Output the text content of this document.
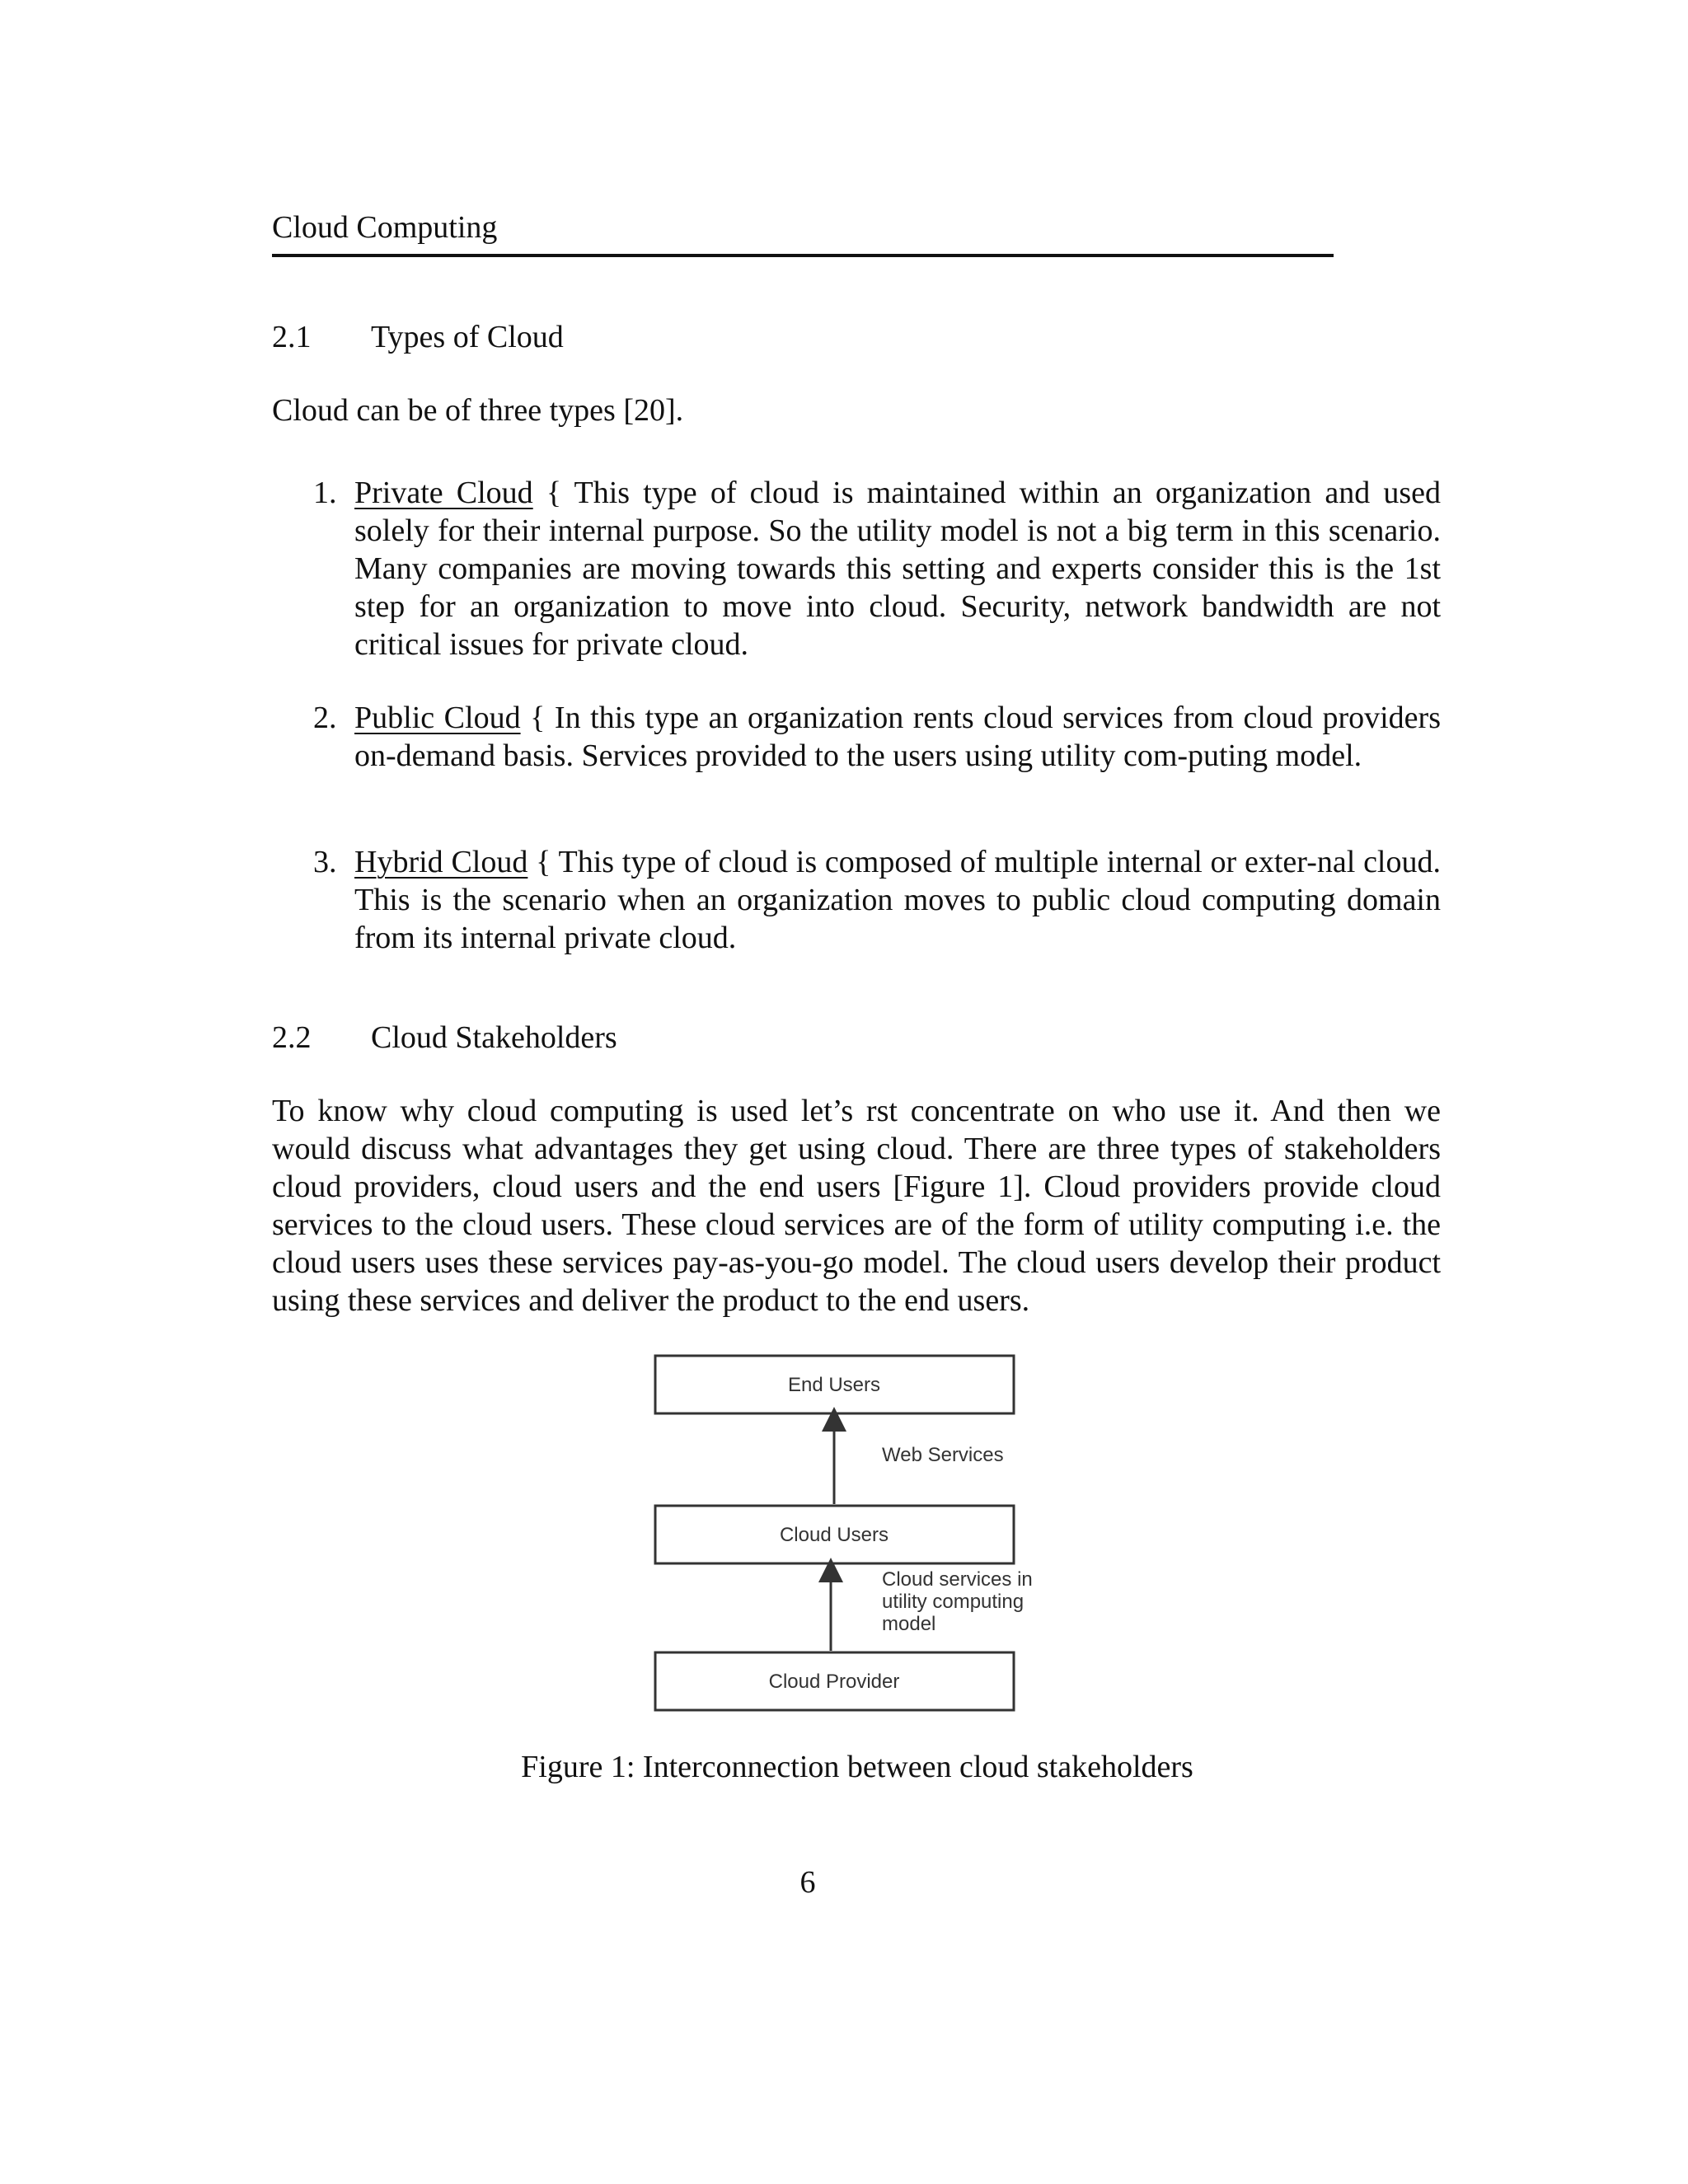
Cloud Computing
2.1 Types of Cloud
Cloud can be of three types [20].
1. Private Cloud { This type of cloud is maintained within an organization and used solely for their internal purpose. So the utility model is not a big term in this scenario. Many companies are moving towards this setting and experts consider this is the 1st step for an organization to move into cloud. Security, network bandwidth are not critical issues for private cloud.
2. Public Cloud { In this type an organization rents cloud services from cloud providers on-demand basis. Services provided to the users using utility com-puting model.
3. Hybrid Cloud { This type of cloud is composed of multiple internal or exter-nal cloud. This is the scenario when an organization moves to public cloud computing domain from its internal private cloud.
2.2 Cloud Stakeholders
To know why cloud computing is used let’s rst concentrate on who use it. And then we would discuss what advantages they get using cloud. There are three types of stakeholders cloud providers, cloud users and the end users [Figure 1]. Cloud providers provide cloud services to the cloud users. These cloud services are of the form of utility computing i.e. the cloud users uses these services pay-as-you-go model. The cloud users develop their product using these services and deliver the product to the end users.
End Users
Web Services
Cloud Users
Cloud services in
utility computing
model
Cloud Provider
Figure 1: Interconnection between cloud stakeholders
6
